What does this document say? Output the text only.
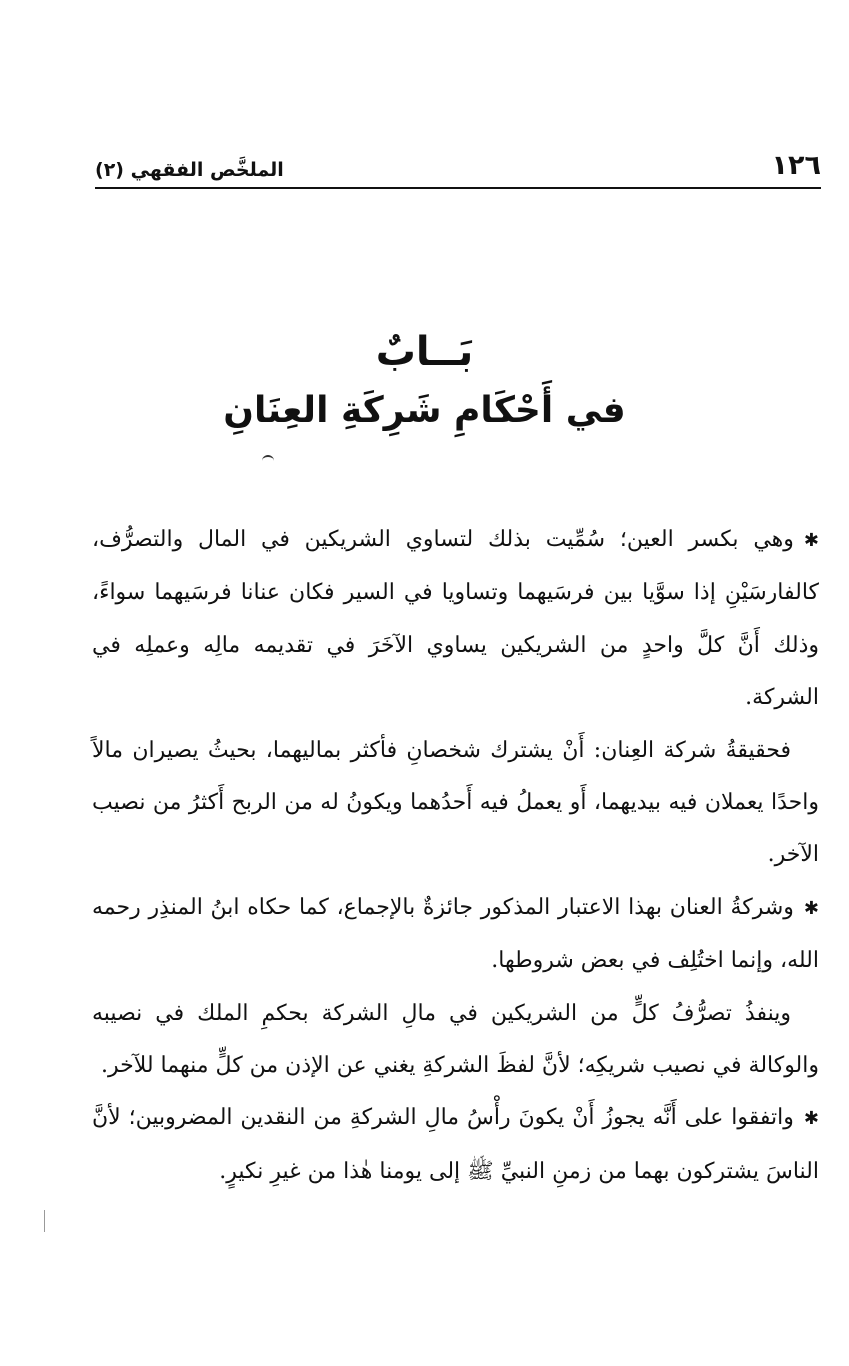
الملخَّص الفقهي (٢)	١٢٦

بَــابٌ

في أَحْكَامِ شَرِكَةِ العِنَانِ

✱وهي بكسر العين؛ سُمِّيت بذلك لتساوي الشريكين في المال والتصرُّف، كالفارسَيْنِ إذا سوَّيا بين فرسَيهما وتساويا في السير فكان عنانا فرسَيهما سواءً، وذلك أَنَّ كلَّ واحدٍ من الشريكين يساوي الآخَرَ في تقديمه مالِه وعملِه في الشركة.

فحقيقةُ شركة العِنان: أَنْ يشترك شخصانِ فأكثر بماليهما، بحيثُ يصيران مالاً واحدًا يعملان فيه بيديهما، أَو يعملُ فيه أَحدُهما ويكونُ له من الربح أَكثرُ من نصيب الآخر.

✱وشركةُ العنان بهذا الاعتبار المذكور جائزةٌ بالإجماع، كما حكاه ابنُ المنذِر رحمه الله، وإنما اختُلِف في بعض شروطها.

وينفذُ تصرُّفُ كلٍّ من الشريكين في مالِ الشركة بحكمِ الملك في نصيبه والوكالة في نصيب شريكِه؛ لأنَّ لفظَ الشركةِ يغني عن الإذن من كلٍّ منهما للآخر.

✱واتفقوا على أَنَّه يجوزُ أَنْ يكونَ رأْسُ مالِ الشركةِ من النقدين المضروبين؛ لأنَّ الناسَ يشتركون بهما من زمنِ النبيِّ ﷺ إلى يومنا هٰذا من غيرِ نكيرٍ.
